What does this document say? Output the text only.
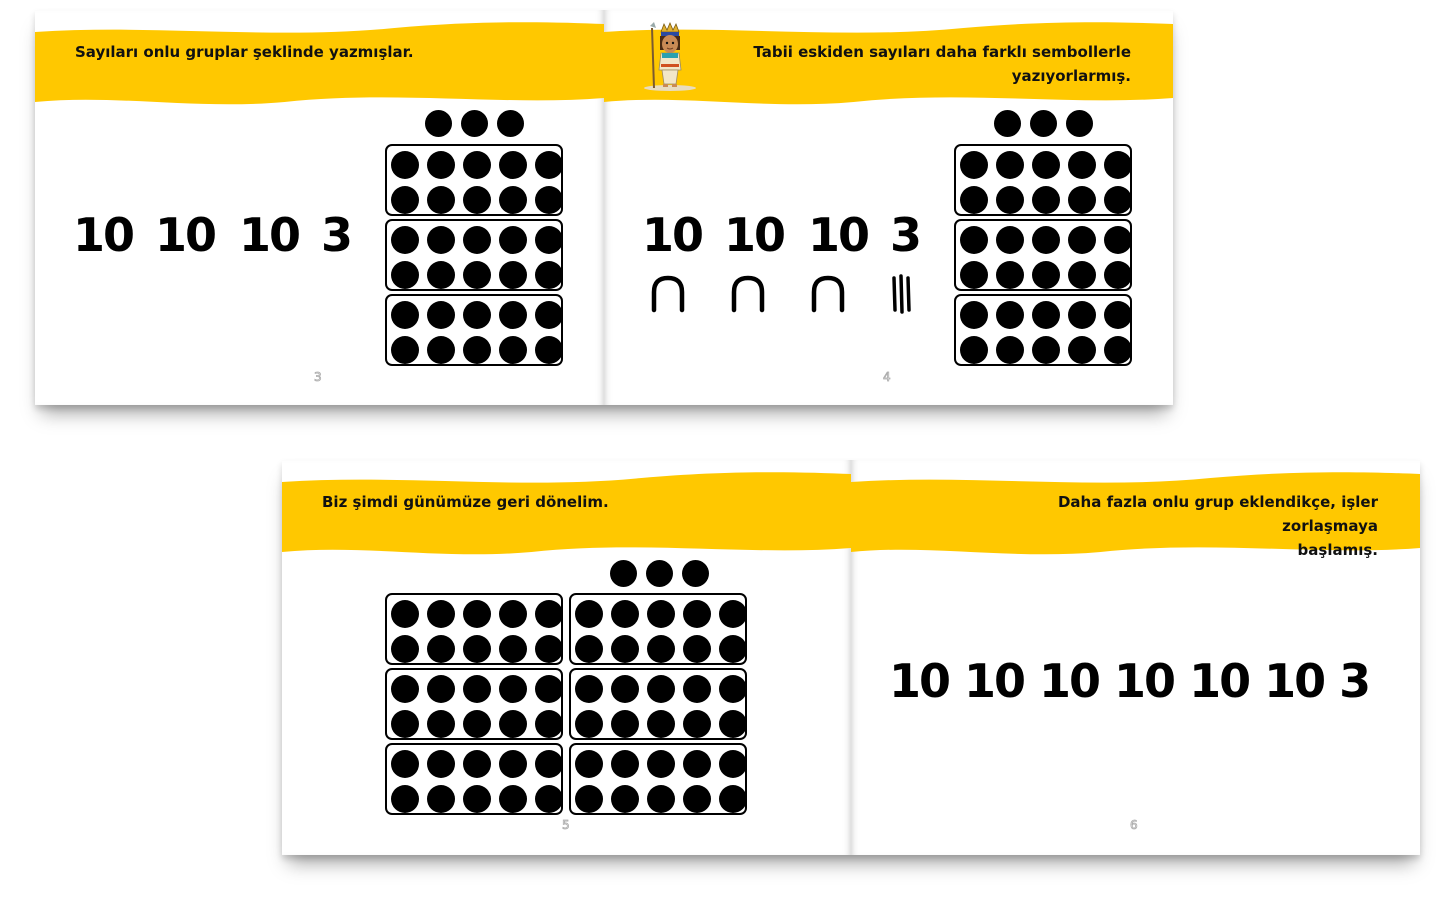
Sayıları onlu gruplar şeklinde yazmışlar.
10 10 10 3
3
Tabii eskiden sayıları daha farklı sembollerle
yazıyorlarmış.
10 10 10 3
4
Biz şimdi günümüze geri dönelim.
5
Daha fazla onlu grup eklendikçe, işler zorlaşmaya
başlamış.
10 10 10 10 10 10 3
6
